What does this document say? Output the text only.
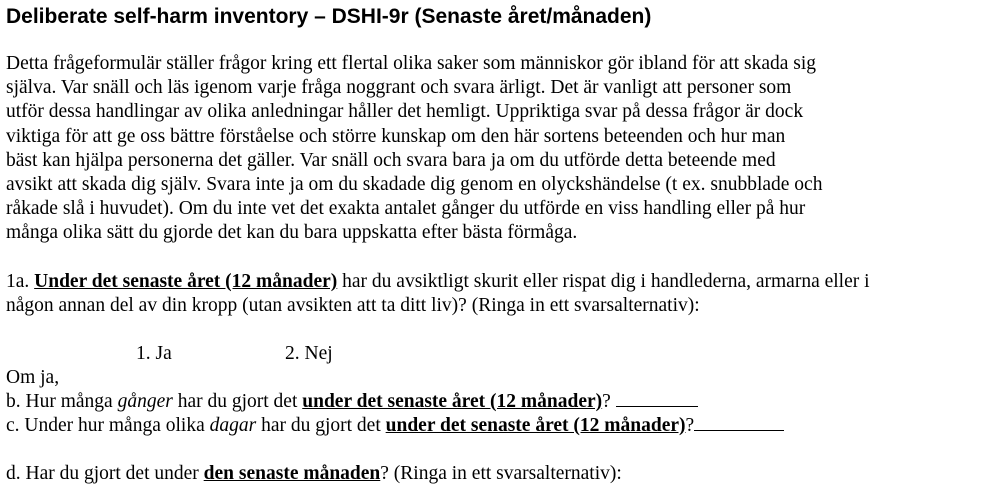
Deliberate self-harm inventory – DSHI-9r (Senaste året/månaden)
Detta frågeformulär ställer frågor kring ett flertal olika saker som människor gör ibland för att skada sig
själva. Var snäll och läs igenom varje fråga noggrant och svara ärligt. Det är vanligt att personer som
utför dessa handlingar av olika anledningar håller det hemligt. Uppriktiga svar på dessa frågor är dock
viktiga för att ge oss bättre förståelse och större kunskap om den här sortens beteenden och hur man
bäst kan hjälpa personerna det gäller. Var snäll och svara bara ja om du utförde detta beteende med
avsikt att skada dig själv. Svara inte ja om du skadade dig genom en olyckshändelse (t ex. snubblade och
råkade slå i huvudet). Om du inte vet det exakta antalet gånger du utförde en viss handling eller på hur
många olika sätt du gjorde det kan du bara uppskatta efter bästa förmåga.

1a. Under det senaste året (12 månader) har du avsiktligt skurit eller rispat dig i handlederna, armarna eller i

någon annan del av din kropp (utan avsikten att ta ditt liv)? (Ringa in ett svarsalternativ):

1. Ja	2. Nej

Om ja,

b. Hur många gånger har du gjort det under det senaste året (12 månader)?

c. Under hur många olika dagar har du gjort det under det senaste året (12 månader)?

d. Har du gjort det under den senaste månaden? (Ringa in ett svarsalternativ):
